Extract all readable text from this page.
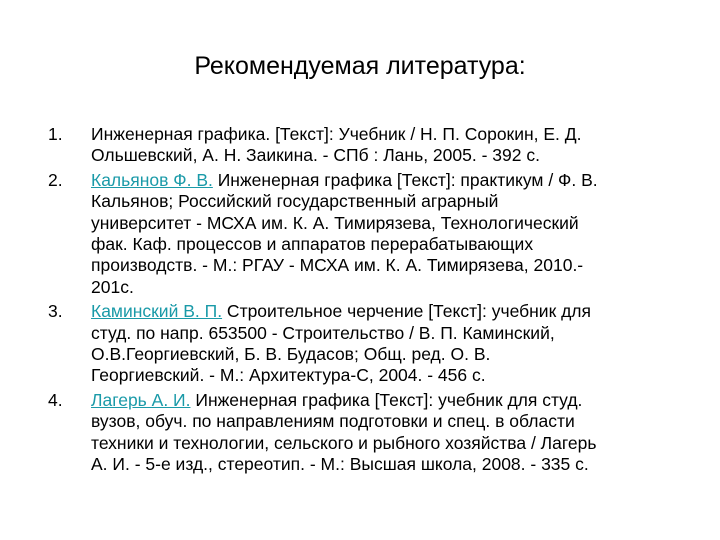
Рекомендуемая литература:
1.	Инженерная графика. [Текст]: Учебник / Н. П. Сорокин, Е. Д.
Ольшевский, А. Н. Заикина. - СПб : Лань, 2005. - 392 с.
2.	Кальянов Ф. В. Инженерная графика [Текст]: практикум / Ф. В.
Кальянов; Российский государственный аграрный
университет - МСХА им. К. А. Тимирязева, Технологический
фак. Каф. процессов и аппаратов перерабатывающих
производств. - М.: РГАУ - МСХА им. К. А. Тимирязева, 2010.-
201с.
3.	Каминский В. П. Строительное черчение [Текст]: учебник для
студ. по напр. 653500 - Строительство / В. П. Каминский,
О.В.Георгиевский, Б. В. Будасов; Общ. ред. О. В.
Георгиевский. - М.: Архитектура-С, 2004. - 456 с.
4.	Лагерь А. И. Инженерная графика [Текст]: учебник для студ.
вузов, обуч. по направлениям подготовки и спец. в области
техники и технологии, сельского и рыбного хозяйства / Лагерь
А. И. - 5-е изд., стереотип. - М.: Высшая школа, 2008. - 335 с.
